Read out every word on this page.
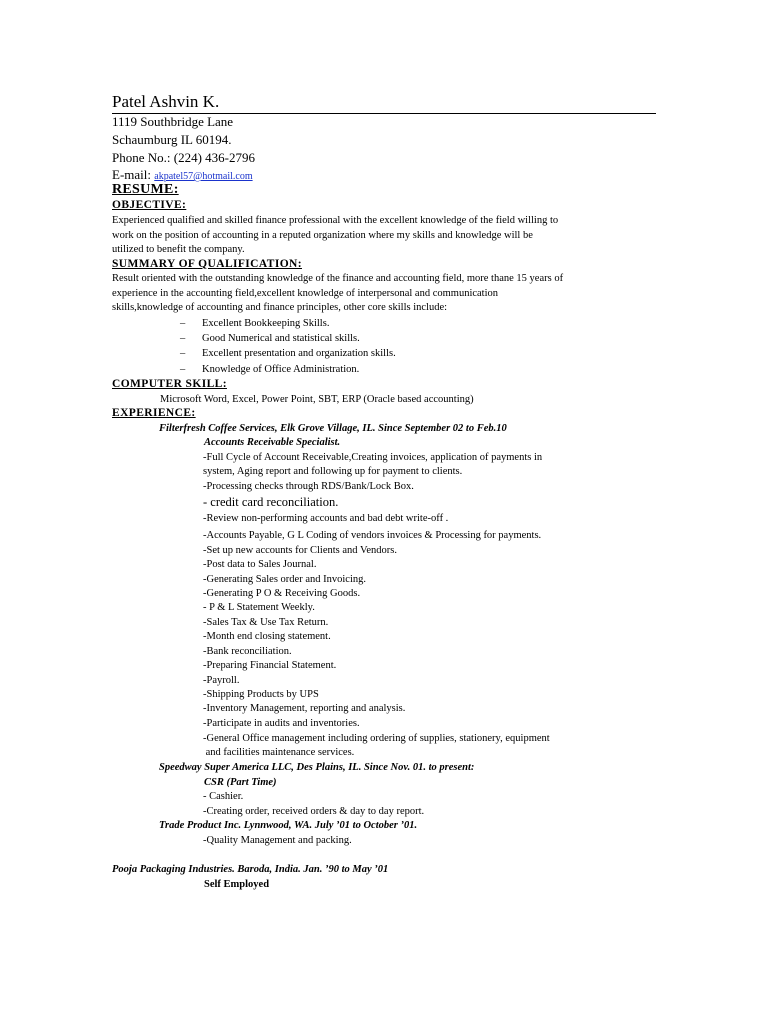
Patel Ashvin K.
1119 Southbridge Lane
Schaumburg IL 60194.
Phone No.: (224) 436-2796
E-mail: akpatel57@hotmail.com
RESUME:
OBJECTIVE:
Experienced qualified and skilled finance professional with the excellent knowledge of the field willing to
work on the position of accounting in a reputed organization where my skills and knowledge will be
utilized to benefit the company.
SUMMARY OF QUALIFICATION:
Result oriented with the outstanding knowledge of the finance and accounting field, more thane 15 years of
experience in the accounting field,excellent knowledge of interpersonal and communication
skills,knowledge of accounting and finance principles, other core skills include:
– Excellent Bookkeeping Skills.
– Good Numerical and statistical skills.
– Excellent presentation and organization skills.
– Knowledge of Office Administration.
COMPUTER SKILL:
Microsoft Word, Excel, Power Point, SBT, ERP (Oracle based accounting)
EXPERIENCE:
Filterfresh Coffee Services, Elk Grove Village, IL. Since September 02 to Feb.10
Accounts Receivable Specialist.
-Full Cycle of Account Receivable,Creating invoices, application of payments in
system, Aging report and following up for payment to clients.
-Processing checks through RDS/Bank/Lock Box.
- credit card reconciliation.
-Review non-performing accounts and bad debt write-off .
-Accounts Payable, G L Coding of vendors invoices & Processing for payments.
-Set up new accounts for Clients and Vendors.
-Post data to Sales Journal.
-Generating Sales order and Invoicing.
-Generating P O & Receiving Goods.
- P & L Statement Weekly.
-Sales Tax & Use Tax Return.
-Month end closing statement.
-Bank reconciliation.
-Preparing Financial Statement.
-Payroll.
-Shipping Products by UPS
-Inventory Management, reporting and analysis.
-Participate in audits and inventories.
-General Office management including ordering of supplies, stationery, equipment
and facilities maintenance services.
Speedway Super America LLC, Des Plains, IL. Since Nov. 01. to present:
CSR (Part Time)
- Cashier.
-Creating order, received orders & day to day report.
Trade Product Inc. Lynnwood, WA. July ’01 to October ’01.
-Quality Management and packing.
Pooja Packaging Industries. Baroda, India. Jan. ’90 to May ’01
Self Employed
